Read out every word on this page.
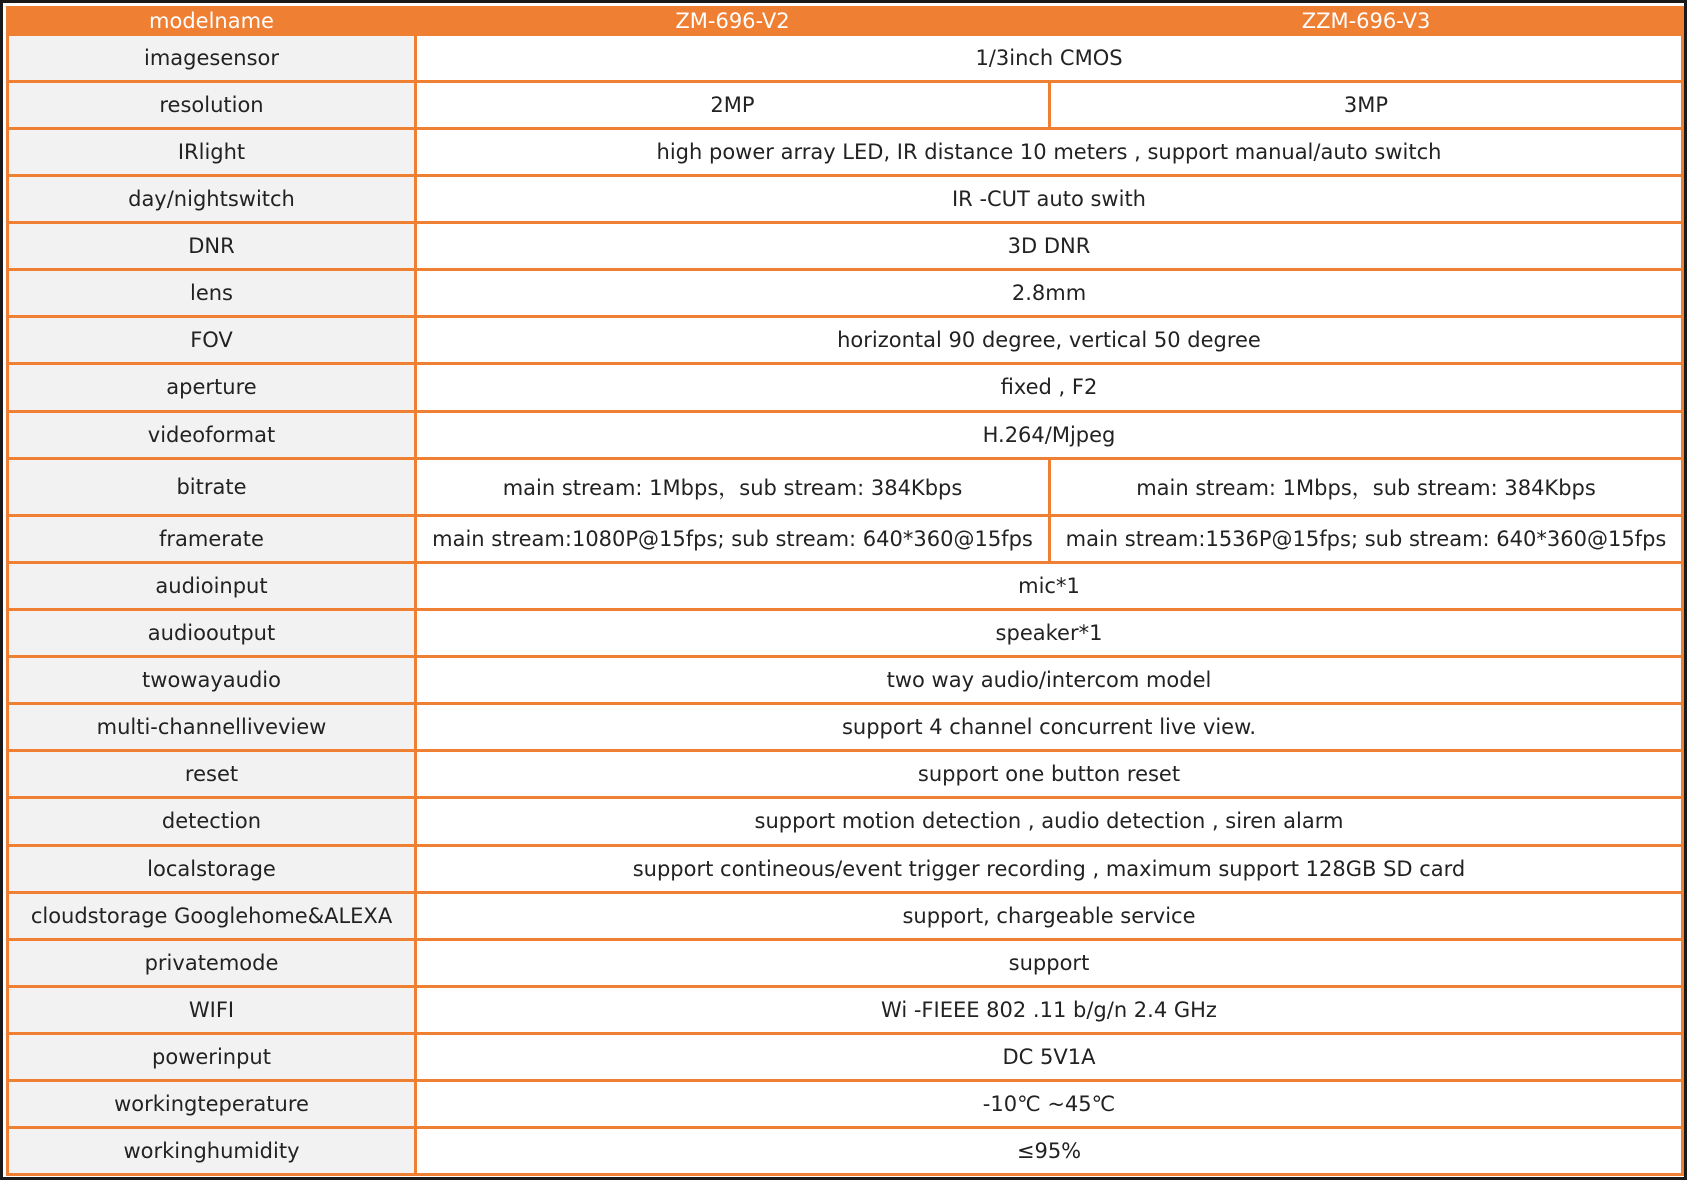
modelname	ZM-696-V2	ZZM-696-V3
imagesensor	1/3inch CMOS	
resolution	2MP	3MP
IRlight	high power array LED, IR distance 10 meters , support manual/auto switch	
day/nightswitch	IR -CUT auto swith	
DNR	3D DNR	
lens	2.8mm	
FOV	horizontal 90 degree, vertical 50 degree	
aperture	fixed , F2	
videoformat	H.264/Mjpeg	
bitrate	main stream: 1Mbps，sub stream: 384Kbps	main stream: 1Mbps，sub stream: 384Kbps
framerate	main stream:1080P@15fps; sub stream: 640*360@15fps	main stream:1536P@15fps; sub stream: 640*360@15fps
audioinput	mic*1	
audiooutput	speaker*1	
twowayaudio	two way audio/intercom model	
multi-channelliveview	support 4 channel concurrent live view.	
reset	support one button reset	
detection	support motion detection , audio detection , siren alarm	
localstorage	support contineous/event trigger recording , maximum support 128GB SD card	
cloudstorage Googlehome&ALEXA	support, chargeable service	
privatemode	support	
WIFI	Wi -FIEEE 802 .11 b/g/n 2.4 GHz	
powerinput	DC 5V1A	
workingteperature	-10℃ ~45℃	
workinghumidity	≤95%	
